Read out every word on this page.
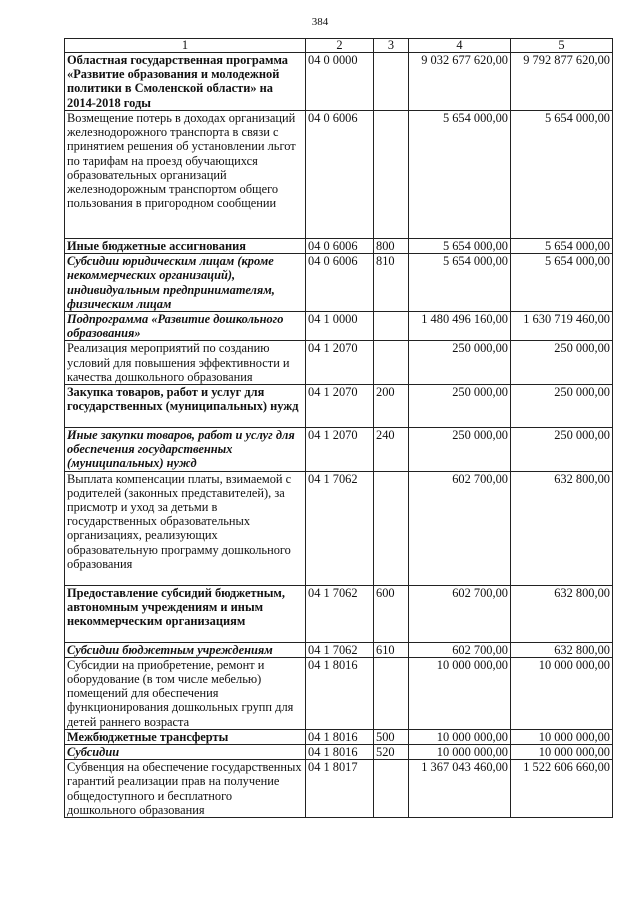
384
1	2	3	4	5
Областная государственная программа «Развитие образования и молодежной политики в Смоленской области» на 2014-2018 годы	04 0 0000		9 032 677 620,00	9 792 877 620,00
Возмещение потерь в доходах организаций железнодорожного транспорта в связи с принятием решения об установлении льгот по тарифам на проезд обучающихся образовательных организаций железнодорожным транспортом общего пользования в пригородном сообщении	04 0 6006		5 654 000,00	5 654 000,00
Иные бюджетные ассигнования	04 0 6006	800	5 654 000,00	5 654 000,00
Субсидии юридическим лицам (кроме некоммерческих организаций), индивидуальным предпринимателям, физическим лицам	04 0 6006	810	5 654 000,00	5 654 000,00
Подпрограмма «Развитие дошкольного образования»	04 1 0000		1 480 496 160,00	1 630 719 460,00
Реализация мероприятий по созданию условий для повышения эффективности и качества дошкольного образования	04 1 2070		250 000,00	250 000,00
Закупка товаров, работ и услуг для государственных (муниципальных) нужд	04 1 2070	200	250 000,00	250 000,00
Иные закупки товаров, работ и услуг для обеспечения государственных (муниципальных) нужд	04 1 2070	240	250 000,00	250 000,00
Выплата компенсации платы, взимаемой с родителей (законных представителей), за присмотр и уход за детьми в государственных образовательных организациях, реализующих образовательную программу дошкольного образования	04 1 7062		602 700,00	632 800,00
Предоставление субсидий бюджетным, автономным учреждениям и иным некоммерческим организациям	04 1 7062	600	602 700,00	632 800,00
Субсидии бюджетным учреждениям	04 1 7062	610	602 700,00	632 800,00
Субсидии на приобретение, ремонт и оборудование (в том числе мебелью) помещений для обеспечения функционирования дошкольных групп для детей раннего возраста	04 1 8016		10 000 000,00	10 000 000,00
Межбюджетные трансферты	04 1 8016	500	10 000 000,00	10 000 000,00
Субсидии	04 1 8016	520	10 000 000,00	10 000 000,00
Субвенция на обеспечение государственных гарантий реализации прав на получение общедоступного и бесплатного дошкольного образования	04 1 8017		1 367 043 460,00	1 522 606 660,00
